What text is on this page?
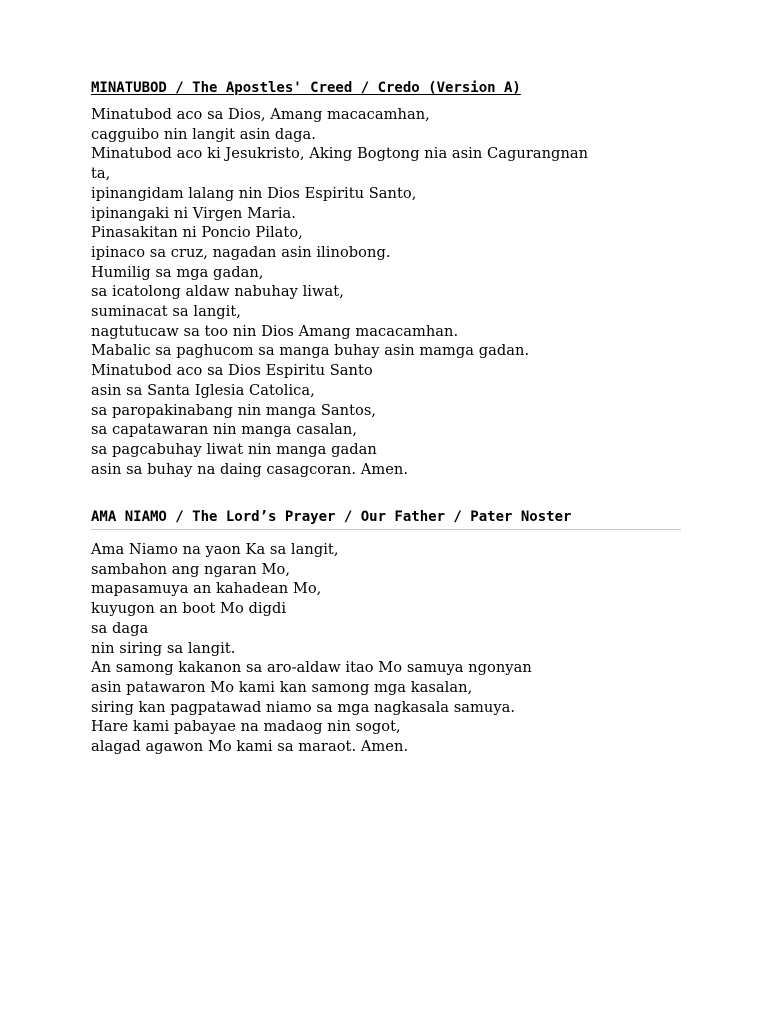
MINATUBOD / The Apostles' Creed / Credo (Version A)
Minatubod aco sa Dios, Amang macacamhan,
cagguibo nin langit asin daga.
Minatubod aco ki Jesukristo, Aking Bogtong nia asin Cagurangnan
ta,
ipinangidam lalang nin Dios Espiritu Santo,
ipinangaki ni Virgen Maria.
Pinasakitan ni Poncio Pilato,
ipinaco sa cruz, nagadan asin ilinobong.
Humilig sa mga gadan,
sa icatolong aldaw nabuhay liwat,
suminacat sa langit,
nagtutucaw sa too nin Dios Amang macacamhan.
Mabalic sa paghucom sa manga buhay asin mamga gadan.
Minatubod aco sa Dios Espiritu Santo
asin sa Santa Iglesia Catolica,
sa paropakinabang nin manga Santos,
sa capatawaran nin manga casalan,
sa pagcabuhay liwat nin manga gadan
asin sa buhay na daing casagcoran. Amen.
AMA NIAMO / The Lord’s Prayer / Our Father / Pater Noster
Ama Niamo na yaon Ka sa langit,
sambahon ang ngaran Mo,
mapasamuya an kahadean Mo,
kuyugon an boot Mo digdi
sa daga
nin siring sa langit.
An samong kakanon sa aro-aldaw itao Mo samuya ngonyan
asin patawaron Mo kami kan samong mga kasalan,
siring kan pagpatawad niamo sa mga nagkasala samuya.
Hare kami pabayae na madaog nin sogot,
alagad agawon Mo kami sa maraot. Amen.
